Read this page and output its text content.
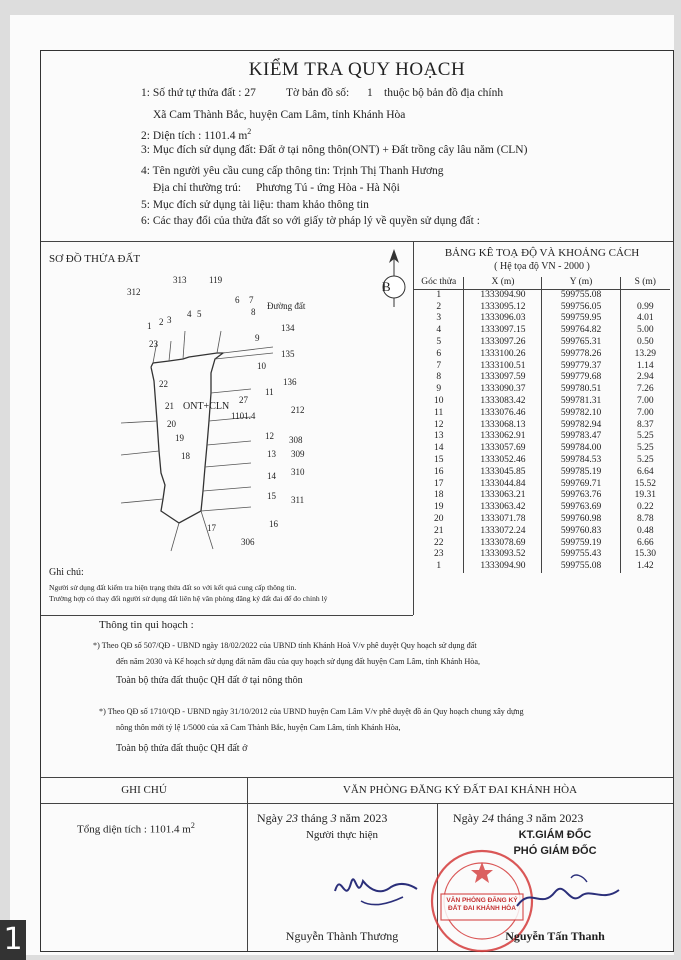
KIỂM TRA QUY HOẠCH
1: Số thứ tự thửa đất : 27	Tờ bản đồ số: 1 thuộc bộ bản đồ địa chính
Xã Cam Thành Bắc, huyện Cam Lâm, tỉnh Khánh Hòa
2: Diện tích : 1101.4 $m^2$
3: Mục đích sử dụng đất: Đất ở tại nông thôn(ONT) + Đất trồng cây lâu năm (CLN)
4: Tên người yêu cầu cung cấp thông tin: Trịnh Thị Thanh Hương
Địa chỉ thường trú: Phương Tú - ứng Hòa - Hà Nội
5: Mục đích sử dụng tài liệu: tham khảo thông tin
6: Các thay đổi của thửa đất so với giấy tờ pháp lý về quyền sử dụng đất :
SƠ ĐỒ THỬA ĐẤT
B
Đường đất
ONT+CLN
27
1101.4
312
313	119
6 7
8
1 2 3
4 5
134
9
135
10
23
136
11
22
21	212
20
12 308
19
13 309
18
14 310
15 311
17	16
306
Ghi chú:
Người sử dụng đất kiểm tra hiện trạng thửa đất so với kết quả cung cấp thông tin.
Trường hợp có thay đổi người sử dụng đất liên hệ văn phòng đăng ký đất đai để đo chỉnh lý
BẢNG KÊ TOẠ ĐỘ VÀ KHOẢNG CÁCH
( Hệ tọa độ VN - 2000 )
Góc thửa	X (m)	Y (m)	S (m)
1	1333094.90	599755.08	
2	1333095.12	599756.05	0.99
3	1333096.03	599759.95	4.01
4	1333097.15	599764.82	5.00
5	1333097.26	599765.31	0.50
6	1333100.26	599778.26	13.29
7	1333100.51	599779.37	1.14
8	1333097.59	599779.68	2.94
9	1333090.37	599780.51	7.26
10	1333083.42	599781.31	7.00
11	1333076.46	599782.10	7.00
12	1333068.13	599782.94	8.37
13	1333062.91	599783.47	5.25
14	1333057.69	599784.00	5.25
15	1333052.46	599784.53	5.25
16	1333045.85	599785.19	6.64
17	1333044.84	599769.71	15.52
18	1333063.21	599763.76	19.31
19	1333063.42	599763.69	0.22
20	1333071.78	599760.98	8.78
21	1333072.24	599760.83	0.48
22	1333078.69	599759.19	6.66
23	1333093.52	599755.43	15.30
1	1333094.90	599755.08	1.42
Thông tin qui hoạch :
*) Theo QĐ số 507/QĐ - UBND ngày 18/02/2022 của UBND tỉnh Khánh Hoà V/v phê duyệt Quy hoạch sử dụng đất
đến năm 2030 và Kế hoạch sử dụng đất năm đầu của quy hoạch sử dụng đất huyện Cam Lâm, tỉnh Khánh Hòa,
Toàn bộ thửa đất thuộc QH đất ở tại nông thôn
*) Theo QĐ số 1710/QĐ - UBND ngày 31/10/2012 của UBND huyện Cam Lâm V/v phê duyệt đồ án Quy hoạch chung xây dựng
nông thôn mới tỷ lệ 1/5000 của xã Cam Thành Bắc, huyện Cam Lâm, tỉnh Khánh Hòa,
Toàn bộ thửa đất thuộc QH đất ở
GHI CHÚ	VĂN PHÒNG ĐĂNG KÝ ĐẤT ĐAI KHÁNH HÒA
Tổng diện tích : 1101.4 $m^2$
Ngày 23 tháng 3 năm 2023
Người thực hiện
Nguyễn Thành Thương
Ngày 24 tháng 3 năm 2023
KT.GIÁM ĐỐC
PHÓ GIÁM ĐỐC
VĂN PHÒNG ĐĂNG KÝ ĐẤT ĐAI KHÁNH HÒA
Nguyễn Tấn Thanh
1
